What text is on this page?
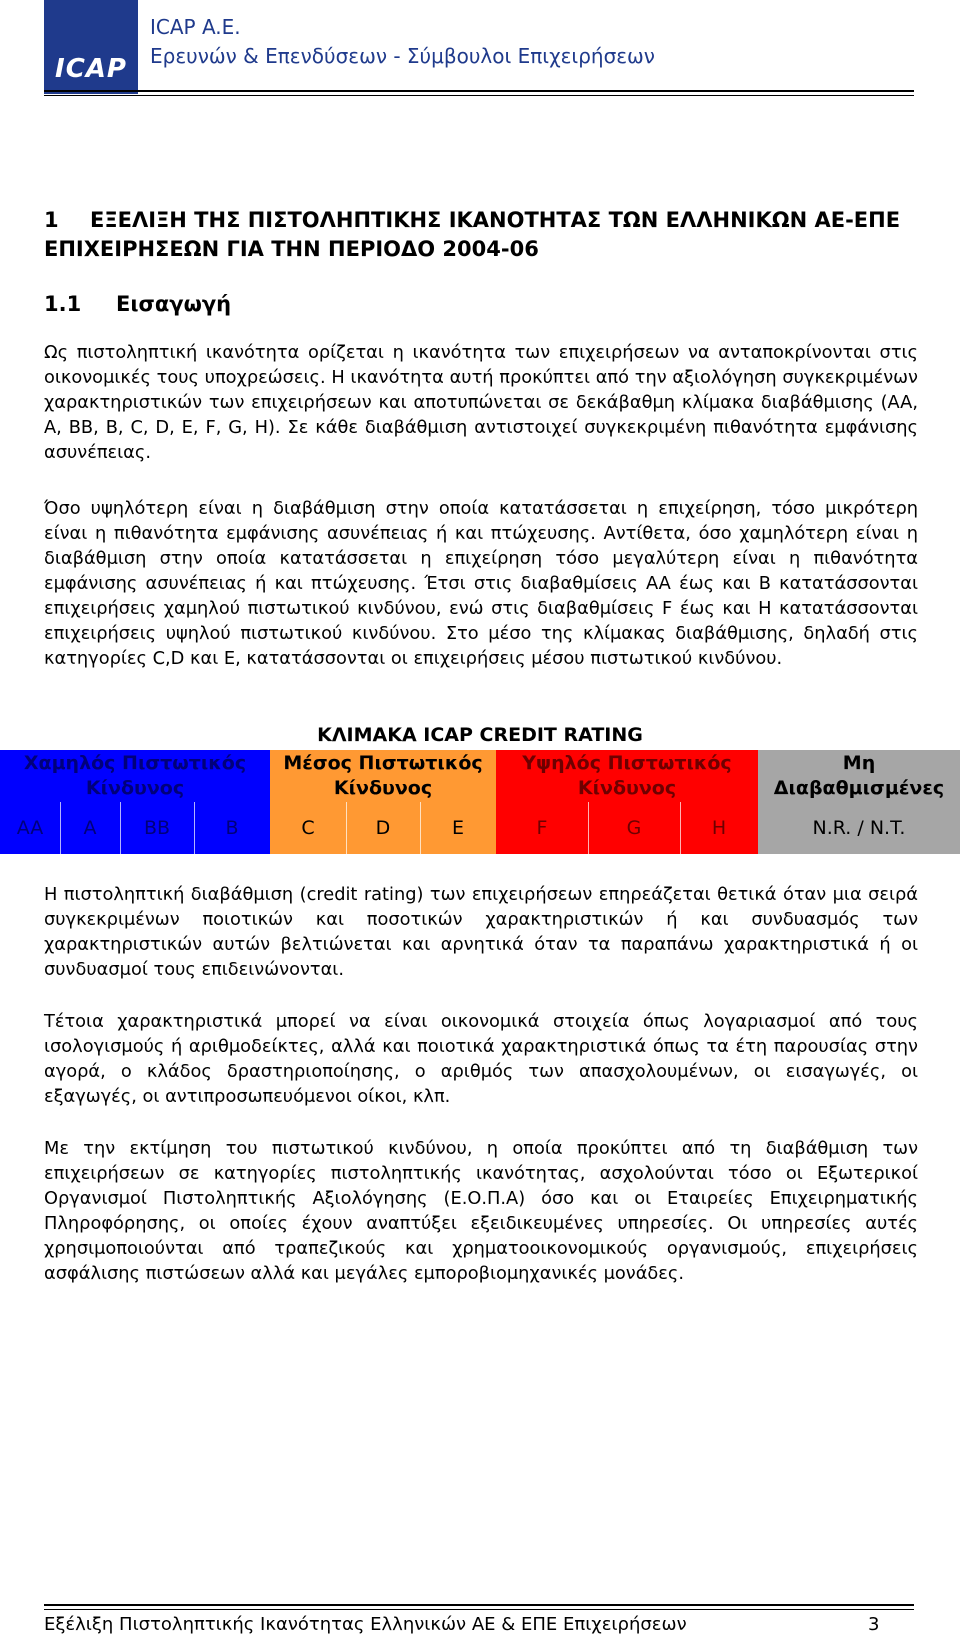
ICAP
ICAP A.E.
Ερευνών & Επενδύσεων - Σύμβουλοι Επιχειρήσεων
1 ΕΞΕΛΙΞΗ ΤΗΣ ΠΙΣΤΟΛΗΠΤΙΚΗΣ ΙΚΑΝΟΤΗΤΑΣ ΤΩΝ ΕΛΛΗΝΙΚΩΝ ΑΕ-ΕΠΕ ΕΠΙΧΕΙΡΗΣΕΩΝ ΓΙΑ ΤΗΝ ΠΕΡΙΟΔΟ 2004-06
1.1 Εισαγωγή

Ως πιστοληπτική ικανότητα ορίζεται η ικανότητα των επιχειρήσεων να ανταποκρίνονται στις οικονομικές τους υποχρεώσεις. Η ικανότητα αυτή προκύπτει από την αξιολόγηση συγκεκριμένων χαρακτηριστικών των επιχειρήσεων και αποτυπώνεται σε δεκάβαθμη κλίμακα διαβάθμισης (AA, A, BB, B, C, D, E, F, G, H). Σε κάθε διαβάθμιση αντιστοιχεί συγκεκριμένη πιθανότητα εμφάνισης ασυνέπειας.

Όσο υψηλότερη είναι η διαβάθμιση στην οποία κατατάσσεται η επιχείρηση, τόσο μικρότερη είναι η πιθανότητα εμφάνισης ασυνέπειας ή και πτώχευσης. Αντίθετα, όσο χαμηλότερη είναι η διαβάθμιση στην οποία κατατάσσεται η επιχείρηση τόσο μεγαλύτερη είναι η πιθανότητα εμφάνισης ασυνέπειας ή και πτώχευσης. Έτσι στις διαβαθμίσεις AA έως και B κατατάσσονται επιχειρήσεις χαμηλού πιστωτικού κινδύνου, ενώ στις διαβαθμίσεις F έως και H κατατάσσονται επιχειρήσεις υψηλού πιστωτικού κινδύνου. Στο μέσο της κλίμακας διαβάθμισης, δηλαδή στις κατηγορίες C,D και E, κατατάσσονται οι επιχειρήσεις μέσου πιστωτικού κινδύνου.

ΚΛΙΜΑΚΑ ICAP CREDIT RATING
Χαμηλός Πιστωτικός Κίνδυνος
Μέσος Πιστωτικός Κίνδυνος
Υψηλός Πιστωτικός Κίνδυνος
Μη Διαβαθμισμένες
AA	A	BB	B	C	D	E	F	G	H	N.R. / N.T.

Η πιστοληπτική διαβάθμιση (credit rating) των επιχειρήσεων επηρεάζεται θετικά όταν μια σειρά συγκεκριμένων ποιοτικών και ποσοτικών χαρακτηριστικών ή και συνδυασμός των χαρακτηριστικών αυτών βελτιώνεται και αρνητικά όταν τα παραπάνω χαρακτηριστικά ή οι συνδυασμοί τους επιδεινώνονται.

Τέτοια χαρακτηριστικά μπορεί να είναι οικονομικά στοιχεία όπως λογαριασμοί από τους ισολογισμούς ή αριθμοδείκτες, αλλά και ποιοτικά χαρακτηριστικά όπως τα έτη παρουσίας στην αγορά, ο κλάδος δραστηριοποίησης, ο αριθμός των απασχολουμένων, οι εισαγωγές, οι εξαγωγές, οι αντιπροσωπευόμενοι οίκοι, κλπ.

Με την εκτίμηση του πιστωτικού κινδύνου, η οποία προκύπτει από τη διαβάθμιση των επιχειρήσεων σε κατηγορίες πιστοληπτικής ικανότητας, ασχολούνται τόσο οι Εξωτερικοί Οργανισμοί Πιστοληπτικής Αξιολόγησης (Ε.Ο.Π.Α) όσο και οι Εταιρείες Επιχειρηματικής Πληροφόρησης, οι οποίες έχουν αναπτύξει εξειδικευμένες υπηρεσίες. Οι υπηρεσίες αυτές χρησιμοποιούνται από τραπεζικούς και χρηματοοικονομικούς οργανισμούς, επιχειρήσεις ασφάλισης πιστώσεων αλλά και μεγάλες εμποροβιομηχανικές μονάδες.

Εξέλιξη Πιστοληπτικής Ικανότητας Ελληνικών ΑΕ & ΕΠΕ Επιχειρήσεων	3
